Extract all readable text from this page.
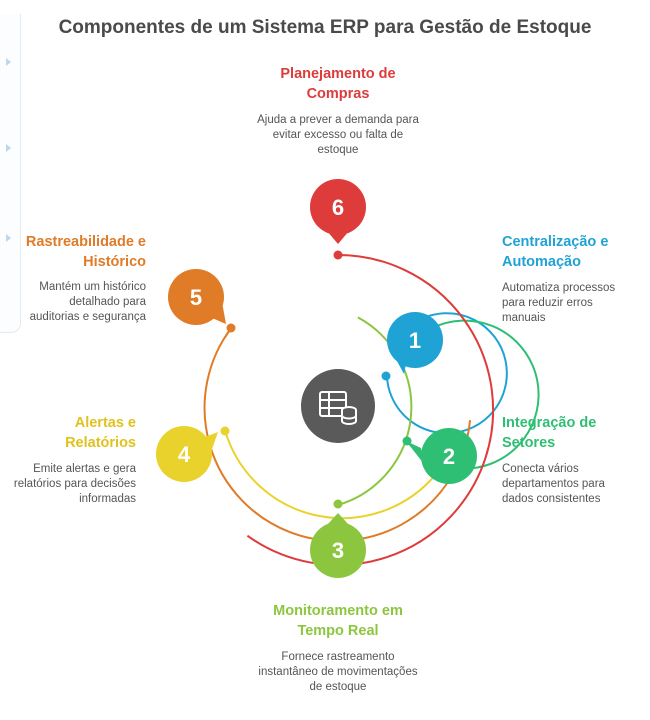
Componentes de um Sistema ERP para Gestão de Estoque
1
2
3
4
5
6
Planejamento de
Compras
Ajuda a prever a demanda para
evitar excesso ou falta de
estoque
Centralização e
Automação
Automatiza processos
para reduzir erros
manuais
Integração de
Setores
Conecta vários
departamentos para
dados consistentes
Monitoramento em
Tempo Real
Fornece rastreamento
instantâneo de movimentações
de estoque
Alertas e
Relatórios
Emite alertas e gera
relatórios para decisões
informadas
Rastreabilidade e
Histórico
Mantém um histórico
detalhado para
auditorias e segurança
